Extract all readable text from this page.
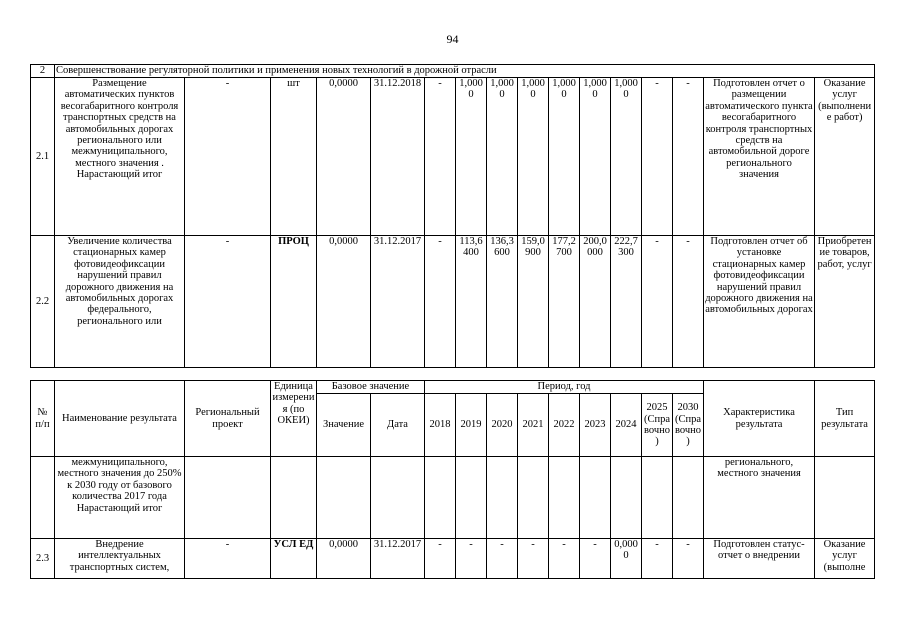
94
2	Совершенствование регуляторной политики и применения новых технологий в дорожной отрасли															
2.1	Размещение автоматических пунктов весогабаритного контроля транспортных средств на автомобильных дорогах регионального или межмуниципального, местного значения . Нарастающий итог	-	шт	0,0000	31.12.2018	-	1,0000	1,0000	1,0000	1,0000	1,0000	1,0000	-	-	Подготовлен отчет о размещении автоматического пункта весогабаритного контроля транспортных средств на автомобильной дороге регионального значения	Оказание услуг (выполнение работ)
2.2	Увеличение количества стационарных камер фотовидеофиксации нарушений правил дорожного движения на автомобильных дорогах федерального, регионального или	-	ПРОЦ	0,0000	31.12.2017	-	113,6400	136,3600	159,0900	177,2700	200,0000	222,7300	-	-	Подготовлен отчет об установке стационарных камер фотовидеофиксации нарушений правил дорожного движения на автомобильных дорогах	Приобретение товаров, работ, услуг
№ п/п	Наименование результата	Региональный проект	Единица измерения (по ОКЕИ)	Базовое значение		Период, год									Характеристика результата	Тип результата
				Значение	Дата	2018	2019	2020	2021	2022	2023	2024	2025 (Справочно)	2030 (Справочно)		
	межмуниципального, местного значения до 250% к 2030 году от базового количества 2017 года Нарастающий итог														регионального, местного значения	
2.3	Внедрение интеллектуальных транспортных систем,	-	УСЛ ЕД	0,0000	31.12.2017	-	-	-	-	-	-	0,0000	-	-	Подготовлен статус-отчет о внедрении	Оказание услуг (выполне
